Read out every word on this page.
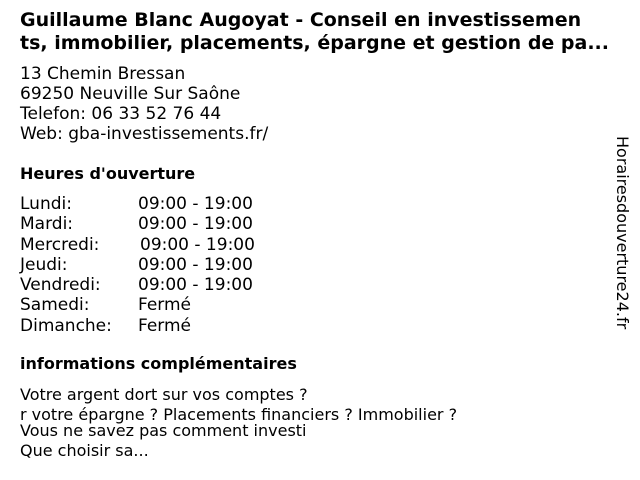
Guillaume Blanc Augoyat - Conseil en investissemen
ts, immobilier, placements, épargne et gestion de pa...
13 Chemin Bressan
69250 Neuville Sur Saône
Telefon: 06 33 52 76 44
Web: gba-investissements.fr/
Heures d'ouverture
Lundi:	09:00 - 19:00
Mardi:	09:00 - 19:00
Mercredi: 09:00 - 19:00
Jeudi:	09:00 - 19:00
Vendredi: 09:00 - 19:00
Samedi:	Fermé
Dimanche: Fermé
informations complémentaires
Votre argent dort sur vos comptes ?
r votre épargne ? Placements financiers ? Immobilier ?
Vous ne savez pas comment investi
Que choisir sa...
Horairesdouverture24.fr
